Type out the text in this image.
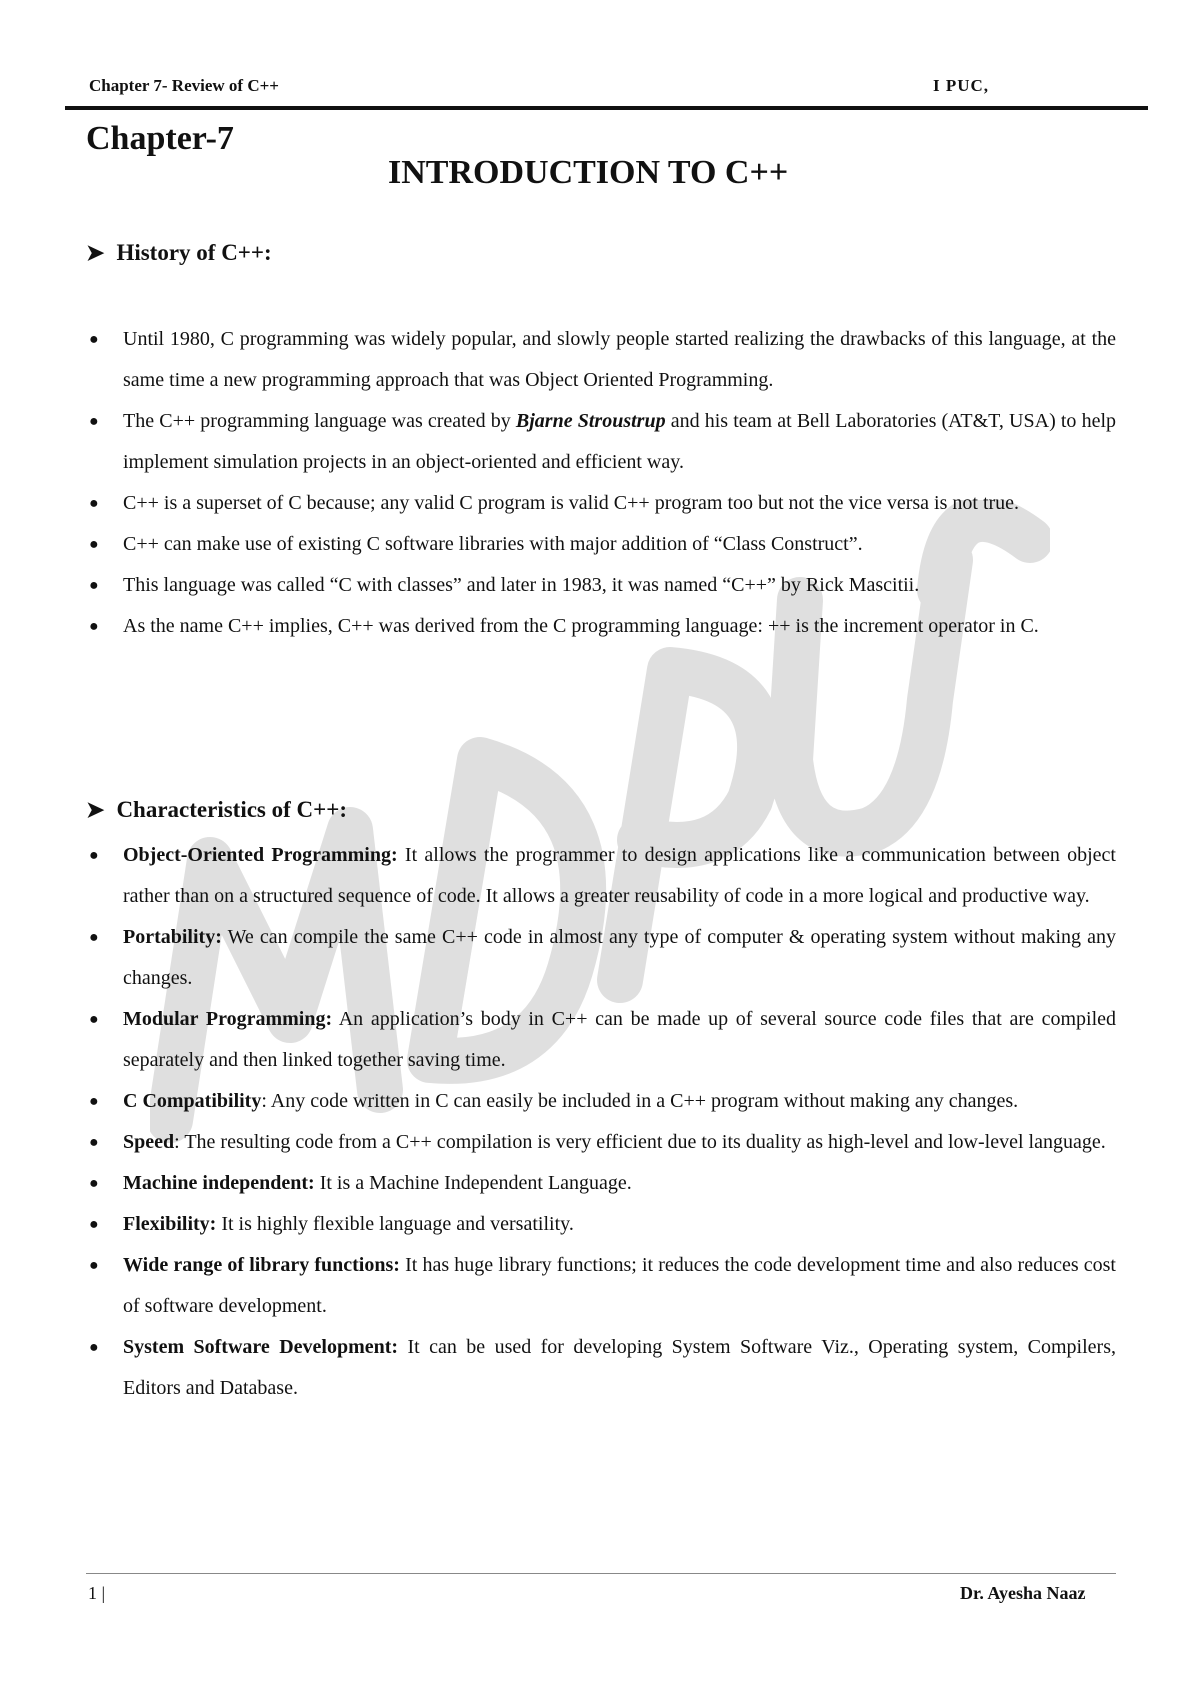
Chapter 7- Review of C++	I PUC,
Chapter-7
INTRODUCTION TO C++
➤ History of C++:
● Until 1980, C programming was widely popular, and slowly people started realizing the drawbacks of this language, at the same time a new programming approach that was Object Oriented Programming.
● The C++ programming language was created by Bjarne Stroustrup and his team at Bell Laboratories (AT&T, USA) to help implement simulation projects in an object-oriented and efficient way.
● C++ is a superset of C because; any valid C program is valid C++ program too but not the vice versa is not true.
● C++ can make use of existing C software libraries with major addition of “Class Construct”.
● This language was called “C with classes” and later in 1983, it was named “C++” by Rick Mascitii.
● As the name C++ implies, C++ was derived from the C programming language: ++ is the increment operator in C.
➤ Characteristics of C++:
● Object-Oriented Programming: It allows the programmer to design applications like a communication between object rather than on a structured sequence of code. It allows a greater reusability of code in a more logical and productive way.
● Portability: We can compile the same C++ code in almost any type of computer & operating system without making any changes.
● Modular Programming: An application’s body in C++ can be made up of several source code files that are compiled separately and then linked together saving time.
● C Compatibility: Any code written in C can easily be included in a C++ program without making any changes.
● Speed: The resulting code from a C++ compilation is very efficient due to its duality as high-level and low-level language.
● Machine independent: It is a Machine Independent Language.
● Flexibility: It is highly flexible language and versatility.
● Wide range of library functions: It has huge library functions; it reduces the code development time and also reduces cost of software development.
● System Software Development: It can be used for developing System Software Viz., Operating system, Compilers, Editors and Database.
1 |	Dr. Ayesha Naaz
